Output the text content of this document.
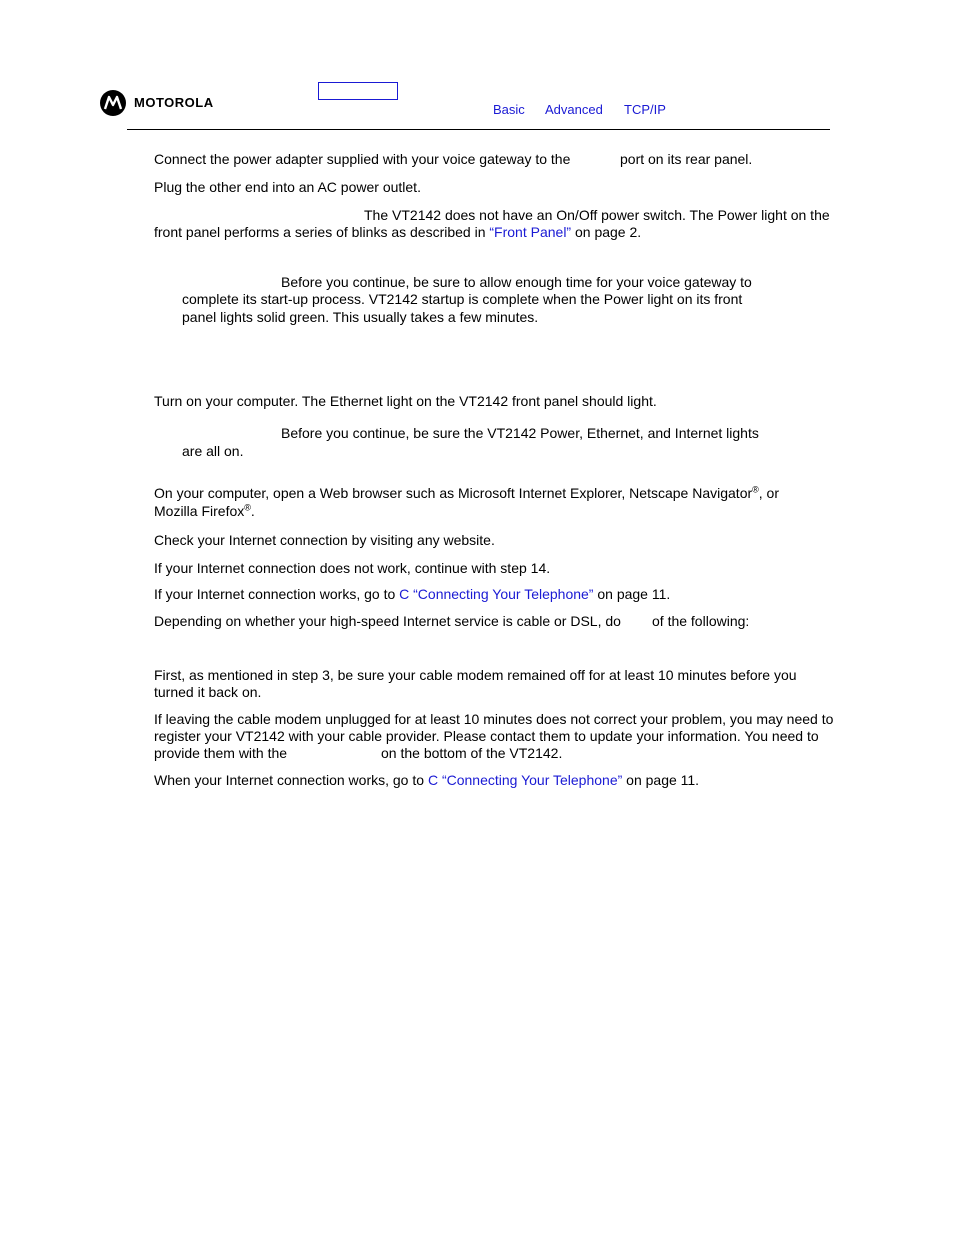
MOTOROLA	Basic Advanced TCP/IP
Connect the power adapter supplied with your voice gateway to the	port on its rear panel.
Plug the other end into an AC power outlet.
The VT2142 does not have an On/Off power switch. The Power light on the
front panel performs a series of blinks as described in “Front Panel” on page 2.
Before you continue, be sure to allow enough time for your voice gateway to
complete its start-up process. VT2142 startup is complete when the Power light on its front
panel lights solid green. This usually takes a few minutes.
Turn on your computer. The Ethernet light on the VT2142 front panel should light.
Before you continue, be sure the VT2142 Power, Ethernet, and Internet lights
are all on.
On your computer, open a Web browser such as Microsoft Internet Explorer, Netscape Navigator®, or
Mozilla Firefox®.
Check your Internet connection by visiting any website.
If your Internet connection does not work, continue with step 14.
If your Internet connection works, go to C “Connecting Your Telephone” on page 11.
Depending on whether your high-speed Internet service is cable or DSL, do of the following:
First, as mentioned in step 3, be sure your cable modem remained off for at least 10 minutes before you
turned it back on.
If leaving the cable modem unplugged for at least 10 minutes does not correct your problem, you may need to
register your VT2142 with your cable provider. Please contact them to update your information. You need to
provide them with the	on the bottom of the VT2142.
When your Internet connection works, go to C “Connecting Your Telephone” on page 11.
